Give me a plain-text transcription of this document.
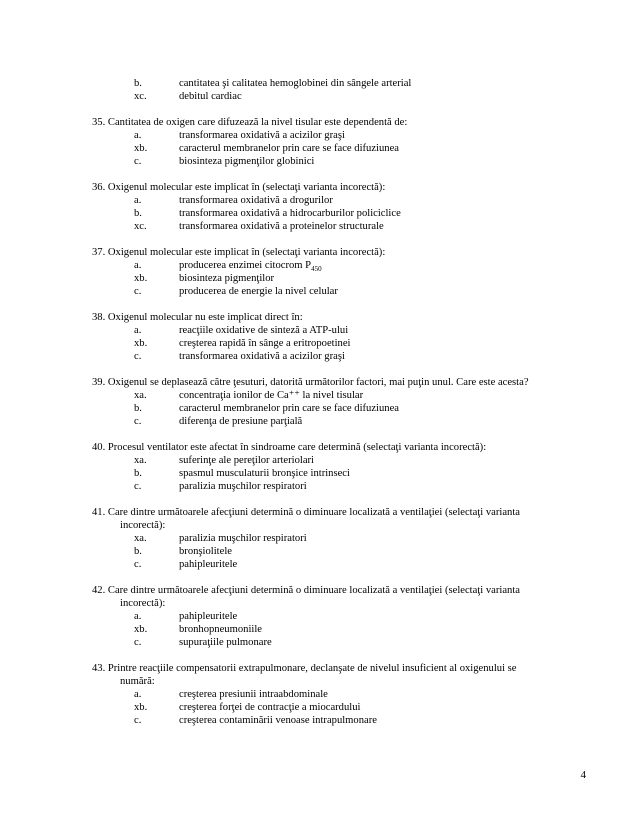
b.	cantitatea şi calitatea hemoglobinei din sângele arterial
xc.	debitul cardiac
35. Cantitatea de oxigen care difuzează la nivel tisular este dependentă de:
a.	transformarea oxidativă a acizilor graşi
xb.	caracterul membranelor prin care se face difuziunea
c.	biosinteza pigmenţilor globinici
36. Oxigenul molecular este implicat în (selectaţi varianta incorectă):
a.	transformarea oxidativă a drogurilor
b.	transformarea oxidativă a hidrocarburilor policiclice
xc.	transformarea oxidativă a proteinelor structurale
37. Oxigenul molecular este implicat în (selectaţi varianta incorectă):
a.	producerea enzimei citocrom $P_{450}$
xb.	biosinteza pigmenţilor
c.	producerea de energie la nivel celular
38. Oxigenul molecular nu este implicat direct în:
a.	reacţiile oxidative de sinteză a ATP-ului
xb.	creşterea rapidă în sânge a eritropoetinei
c.	transformarea oxidativă a acizilor graşi
39. Oxigenul se deplasează către ţesuturi, datorită următorilor factori, mai puţin unul. Care este acesta?
xa.	concentraţia ionilor de Ca⁺⁺ la nivel tisular
b.	caracterul membranelor prin care se face difuziunea
c.	diferenţa de presiune parţială
40. Procesul ventilator este afectat în sindroame care determină (selectaţi varianta incorectă):
xa.	suferinţe ale pereţilor arteriolari
b.	spasmul musculaturii bronşice intrinseci
c.	paralizia muşchilor respiratori
41. Care dintre următoarele afecţiuni determină o diminuare localizată a ventilaţiei (selectaţi varianta
incorectă):
xa.	paralizia muşchilor respiratori
b.	bronşiolitele
c.	pahipleuritele
42. Care dintre următoarele afecţiuni determină o diminuare localizată a ventilaţiei (selectaţi varianta
incorectă):
a.	pahipleuritele
xb.	bronhopneumoniile
c.	supuraţiile pulmonare
43. Printre reacţiile compensatorii extrapulmonare, declanşate de nivelul insuficient al oxigenului se
numără:
a.	creşterea presiunii intraabdominale
xb.	creşterea forţei de contracţie a miocardului
c.	creşterea contaminării venoase intrapulmonare
4
